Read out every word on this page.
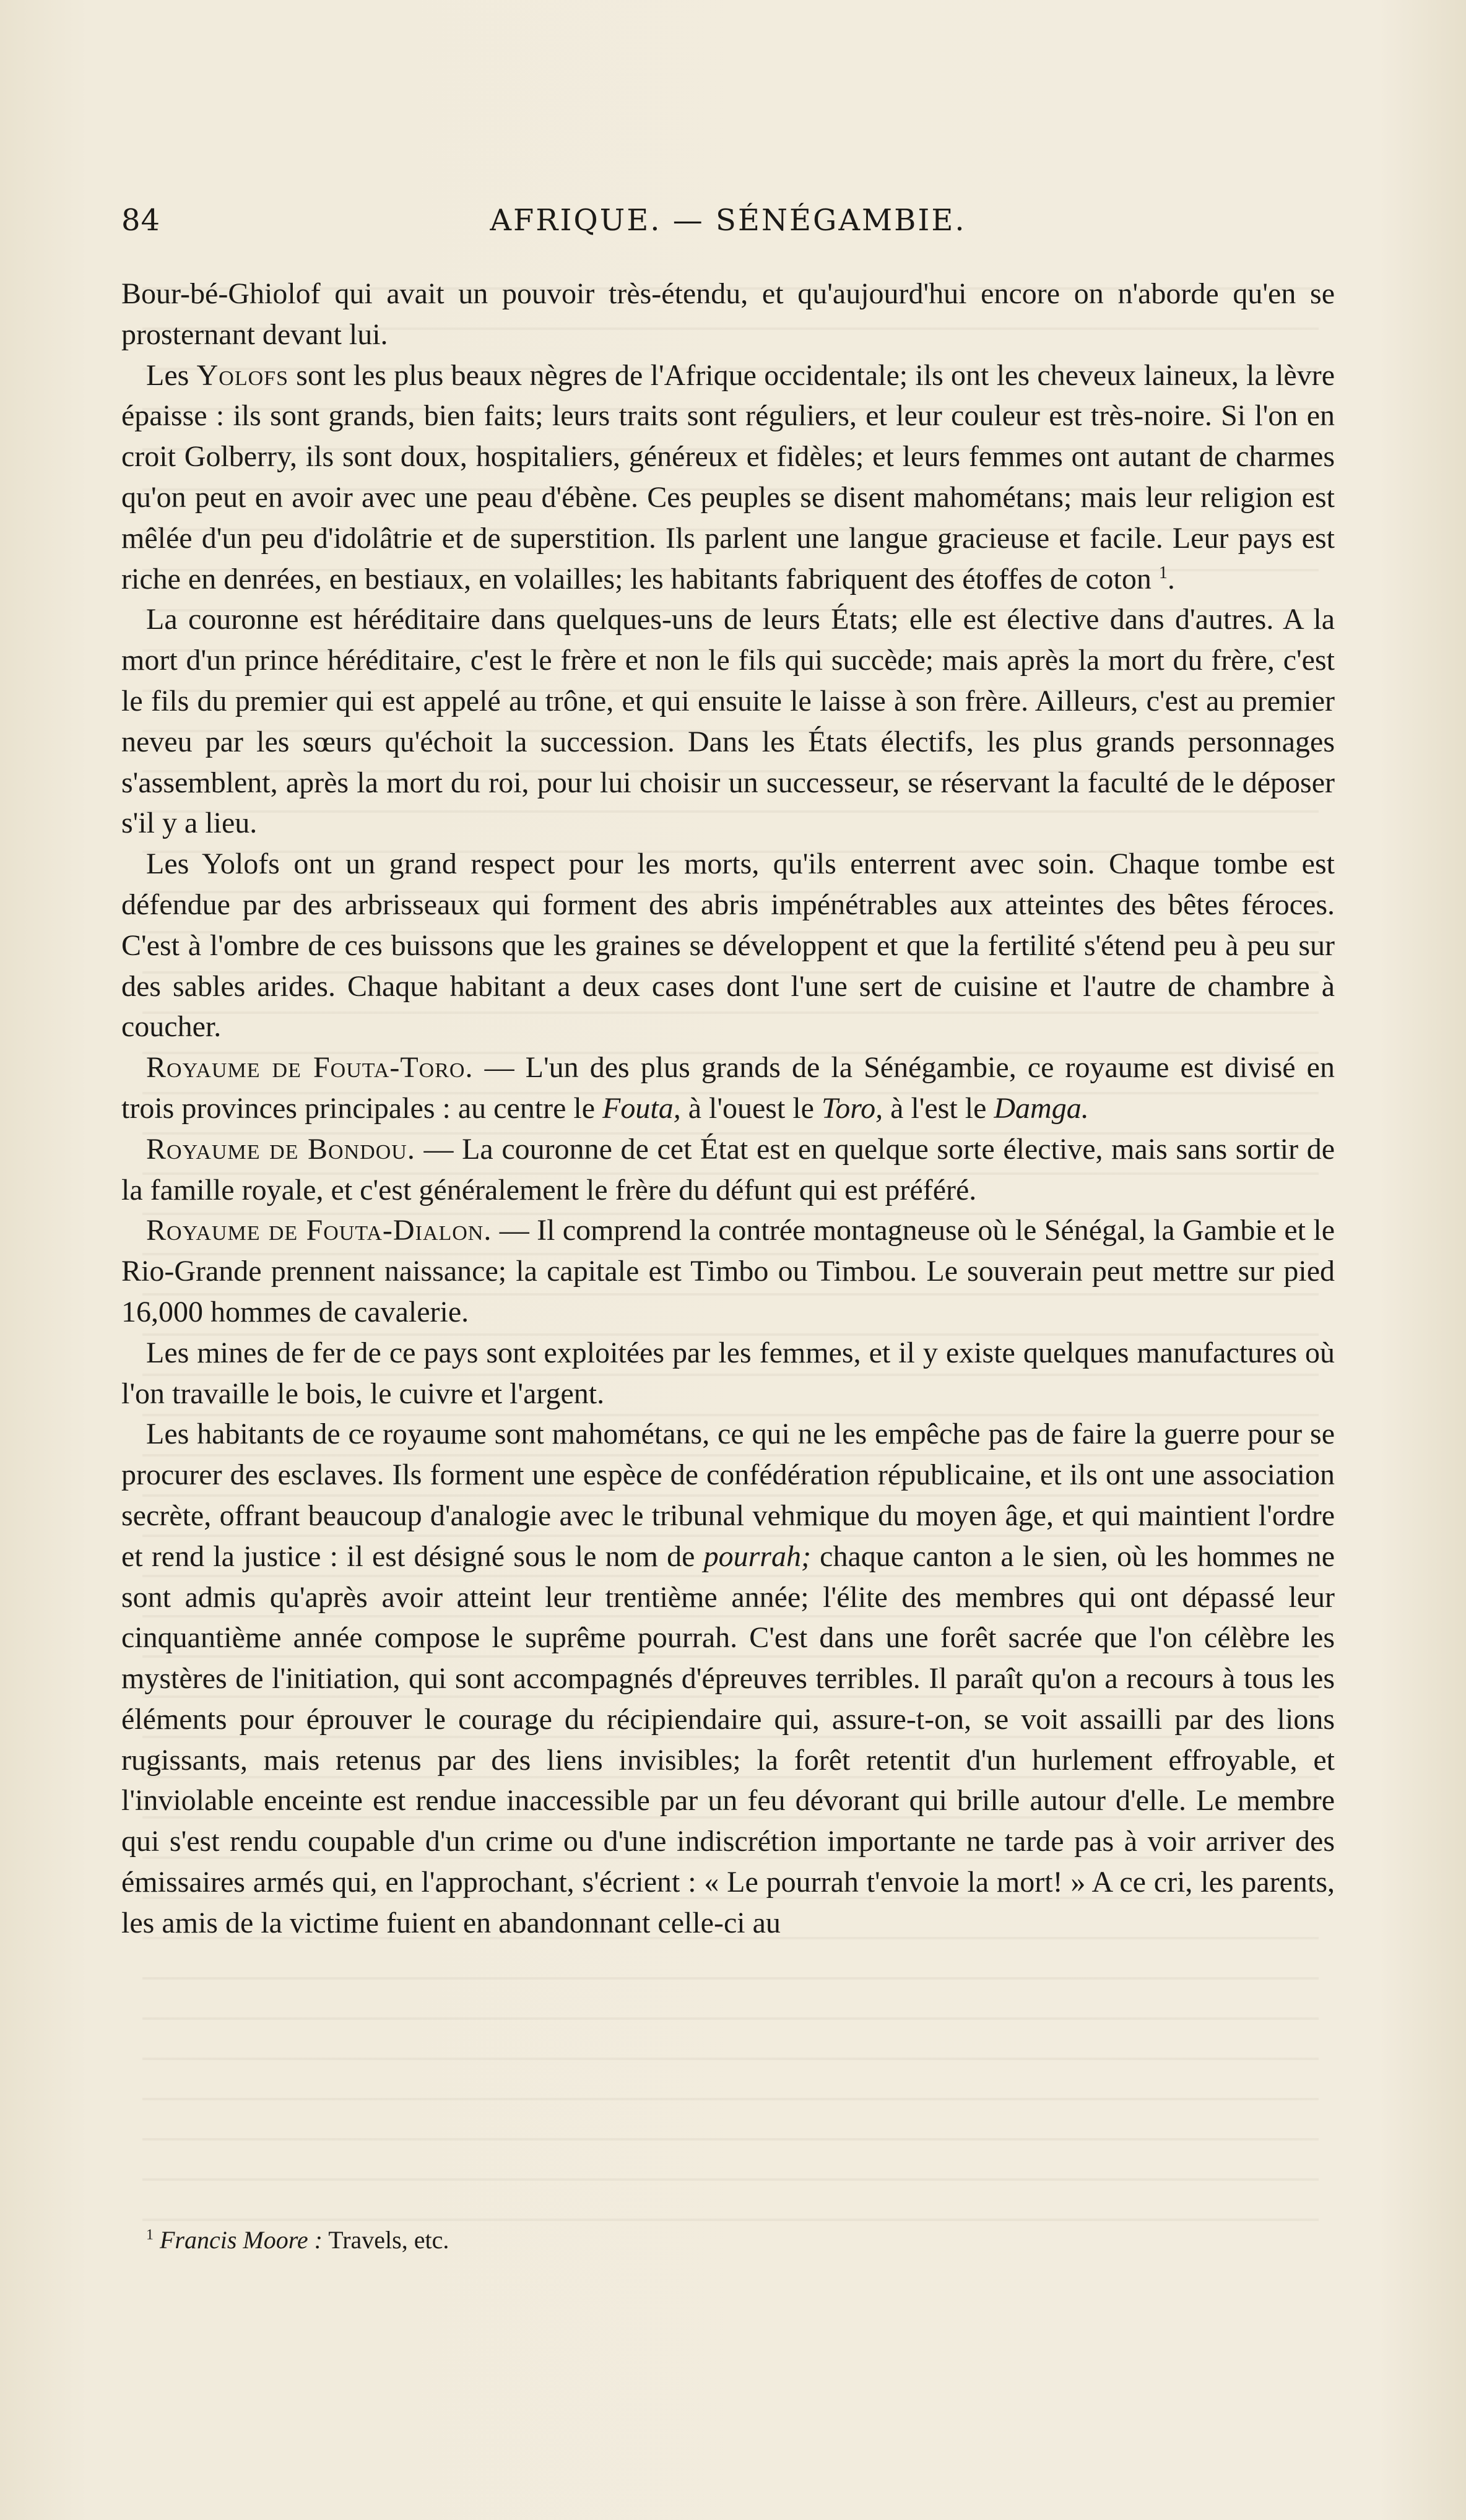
84	AFRIQUE. — SÉNÉGAMBIE.

Bour-bé-Ghiolof qui avait un pouvoir très-étendu, et qu'aujourd'hui encore on n'aborde qu'en se prosternant devant lui.

Les Yolofs sont les plus beaux nègres de l'Afrique occidentale; ils ont les cheveux laineux, la lèvre épaisse : ils sont grands, bien faits; leurs traits sont réguliers, et leur couleur est très-noire. Si l'on en croit Golberry, ils sont doux, hospitaliers, généreux et fidèles; et leurs femmes ont autant de charmes qu'on peut en avoir avec une peau d'ébène. Ces peuples se disent mahométans; mais leur religion est mêlée d'un peu d'idolâtrie et de superstition. Ils parlent une langue gracieuse et facile. Leur pays est riche en denrées, en bestiaux, en volailles; les habitants fabriquent des étoffes de coton $^1$.

La couronne est héréditaire dans quelques-uns de leurs États; elle est élective dans d'autres. A la mort d'un prince héréditaire, c'est le frère et non le fils qui succède; mais après la mort du frère, c'est le fils du premier qui est appelé au trône, et qui ensuite le laisse à son frère. Ailleurs, c'est au premier neveu par les sœurs qu'échoit la succession. Dans les États électifs, les plus grands personnages s'assemblent, après la mort du roi, pour lui choisir un successeur, se réservant la faculté de le déposer s'il y a lieu.

Les Yolofs ont un grand respect pour les morts, qu'ils enterrent avec soin. Chaque tombe est défendue par des arbrisseaux qui forment des abris impénétrables aux atteintes des bêtes féroces. C'est à l'ombre de ces buissons que les graines se développent et que la fertilité s'étend peu à peu sur des sables arides. Chaque habitant a deux cases dont l'une sert de cuisine et l'autre de chambre à coucher.

Royaume de Fouta-Toro. — L'un des plus grands de la Sénégambie, ce royaume est divisé en trois provinces principales : au centre le Fouta, à l'ouest le Toro, à l'est le Damga.

Royaume de Bondou. — La couronne de cet État est en quelque sorte élective, mais sans sortir de la famille royale, et c'est généralement le frère du défunt qui est préféré.

Royaume de Fouta-Dialon. — Il comprend la contrée montagneuse où le Sénégal, la Gambie et le Rio-Grande prennent naissance; la capitale est Timbo ou Timbou. Le souverain peut mettre sur pied 16,000 hommes de cavalerie.

Les mines de fer de ce pays sont exploitées par les femmes, et il y existe quelques manufactures où l'on travaille le bois, le cuivre et l'argent.

Les habitants de ce royaume sont mahométans, ce qui ne les empêche pas de faire la guerre pour se procurer des esclaves. Ils forment une espèce de confédération républicaine, et ils ont une association secrète, offrant beaucoup d'analogie avec le tribunal vehmique du moyen âge, et qui maintient l'ordre et rend la justice : il est désigné sous le nom de pourrah; chaque canton a le sien, où les hommes ne sont admis qu'après avoir atteint leur trentième année; l'élite des membres qui ont dépassé leur cinquantième année compose le suprême pourrah. C'est dans une forêt sacrée que l'on célèbre les mystères de l'initiation, qui sont accompagnés d'épreuves terribles. Il paraît qu'on a recours à tous les éléments pour éprouver le courage du récipiendaire qui, assure-t-on, se voit assailli par des lions rugissants, mais retenus par des liens invisibles; la forêt retentit d'un hurlement effroyable, et l'inviolable enceinte est rendue inaccessible par un feu dévorant qui brille autour d'elle. Le membre qui s'est rendu coupable d'un crime ou d'une indiscrétion importante ne tarde pas à voir arriver des émissaires armés qui, en l'approchant, s'écrient : « Le pourrah t'envoie la mort! » A ce cri, les parents, les amis de la victime fuient en abandonnant celle-ci au

$^1$ Francis Moore : Travels, etc.
